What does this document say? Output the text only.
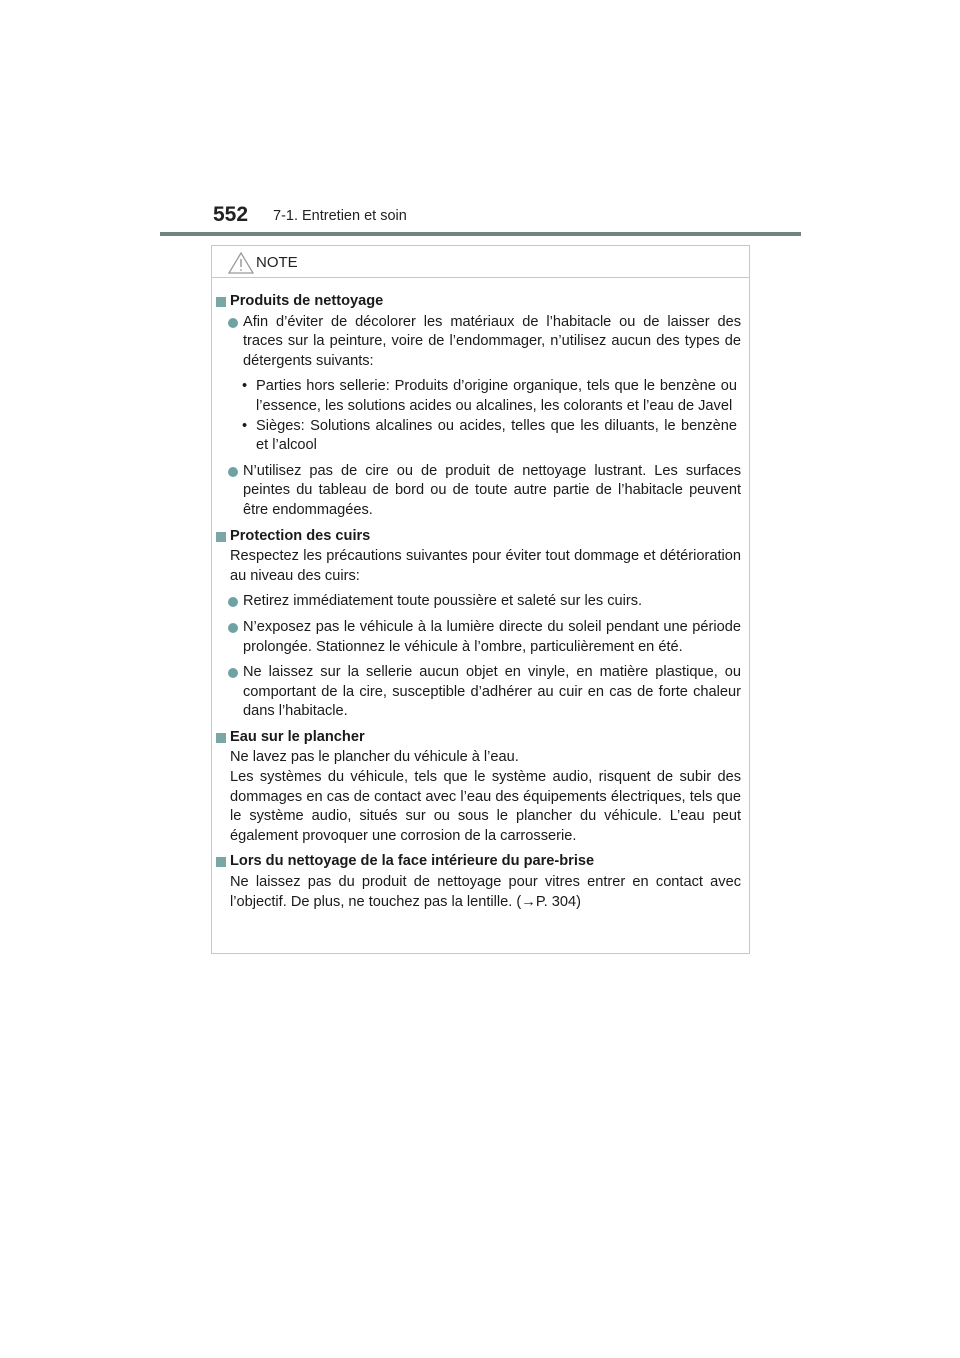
552 7-1. Entretien et soin
NOTE
Produits de nettoyage
Afin d’éviter de décolorer les matériaux de l’habitacle ou de laisser des traces sur la peinture, voire de l’endommager, n’utilisez aucun des types de détergents suivants:
• Parties hors sellerie: Produits d’origine organique, tels que le benzène ou l’essence, les solutions acides ou alcalines, les colorants et l’eau de Javel
• Sièges: Solutions alcalines ou acides, telles que les diluants, le benzène et l’alcool
N’utilisez pas de cire ou de produit de nettoyage lustrant. Les surfaces peintes du tableau de bord ou de toute autre partie de l’habitacle peuvent être endommagées.
Protection des cuirs
Respectez les précautions suivantes pour éviter tout dommage et détérioration au niveau des cuirs:
Retirez immédiatement toute poussière et saleté sur les cuirs.
N’exposez pas le véhicule à la lumière directe du soleil pendant une période prolongée. Stationnez le véhicule à l’ombre, particulièrement en été.
Ne laissez sur la sellerie aucun objet en vinyle, en matière plastique, ou comportant de la cire, susceptible d’adhérer au cuir en cas de forte chaleur dans l’habitacle.
Eau sur le plancher
Ne lavez pas le plancher du véhicule à l’eau.
Les systèmes du véhicule, tels que le système audio, risquent de subir des dommages en cas de contact avec l’eau des équipements électriques, tels que le système audio, situés sur ou sous le plancher du véhicule. L’eau peut également provoquer une corrosion de la carrosserie.
Lors du nettoyage de la face intérieure du pare-brise
Ne laissez pas du produit de nettoyage pour vitres entrer en contact avec l’objectif. De plus, ne touchez pas la lentille. (→P. 304)
